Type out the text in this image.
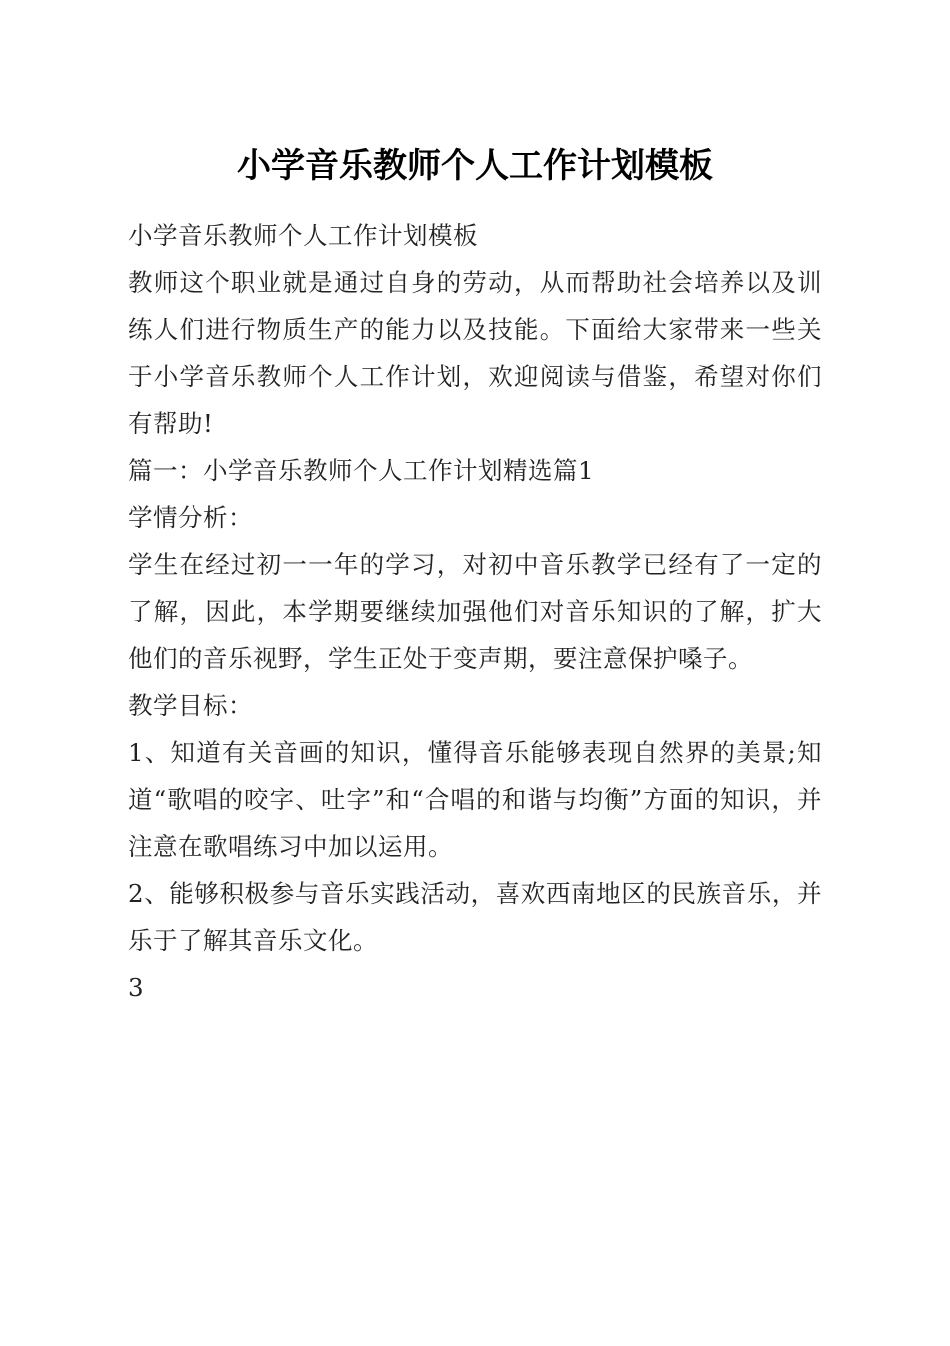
小学音乐教师个人工作计划模板

小学音乐教师个人工作计划模板

教师这个职业就是通过自身的劳动，从而帮助社会培养以及训练人们进行物质生产的能力以及技能。下面给大家带来一些关于小学音乐教师个人工作计划，欢迎阅读与借鉴，希望对你们有帮助!

篇一：小学音乐教师个人工作计划精选篇1

学情分析：

学生在经过初一一年的学习，对初中音乐教学已经有了一定的了解，因此，本学期要继续加强他们对音乐知识的了解，扩大他们的音乐视野，学生正处于变声期，要注意保护嗓子。

教学目标：

1、知道有关音画的知识，懂得音乐能够表现自然界的美景;知道“歌唱的咬字、吐字”和“合唱的和谐与均衡”方面的知识，并注意在歌唱练习中加以运用。

2、能够积极参与音乐实践活动，喜欢西南地区的民族音乐，并乐于了解其音乐文化。

3
